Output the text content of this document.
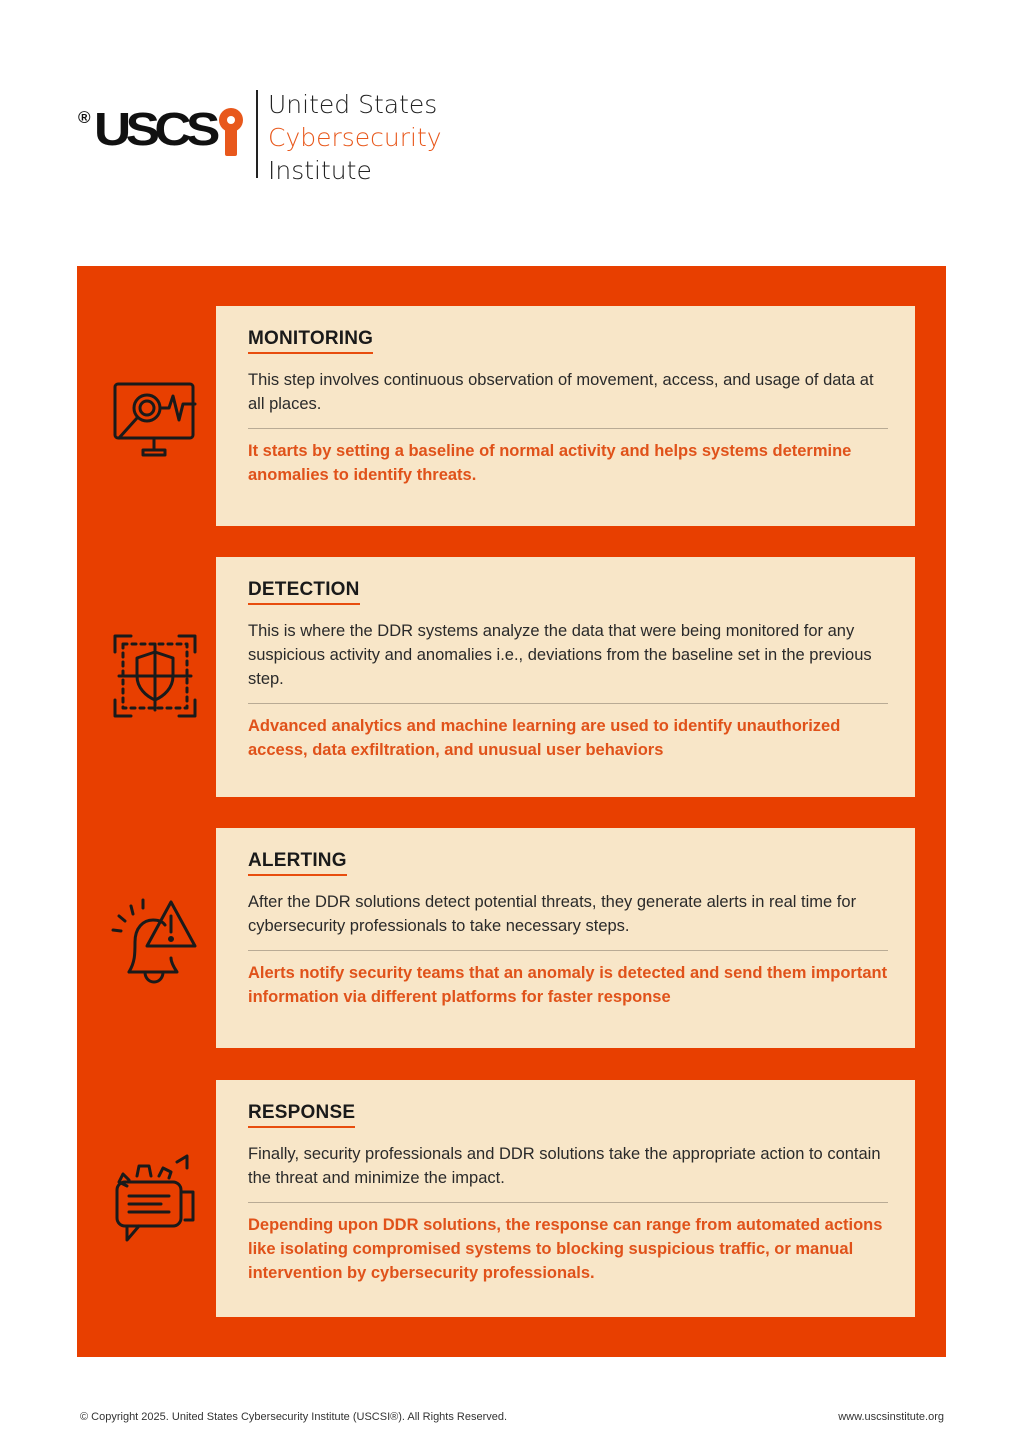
® USCS United States
Cybersecurity
Institute
MONITORING
This step involves continuous observation of movement, access, and usage of data at all places.
It starts by setting a baseline of normal activity and helps systems determine anomalies to identify threats.
DETECTION
This is where the DDR systems analyze the data that were being monitored for any suspicious activity and anomalies i.e., deviations from the baseline set in the previous step.
Advanced analytics and machine learning are used to identify unauthorized access, data exfiltration, and unusual user behaviors
ALERTING
After the DDR solutions detect potential threats, they generate alerts in real time for cybersecurity professionals to take necessary steps.
Alerts notify security teams that an anomaly is detected and send them important information via different platforms for faster response
RESPONSE
Finally, security professionals and DDR solutions take the appropriate action to contain the threat and minimize the impact.
Depending upon DDR solutions, the response can range from automated actions like isolating compromised systems to blocking suspicious traffic, or manual intervention by cybersecurity professionals.
© Copyright 2025. United States Cybersecurity Institute (USCSI®). All Rights Reserved.	www.uscsinstitute.org
